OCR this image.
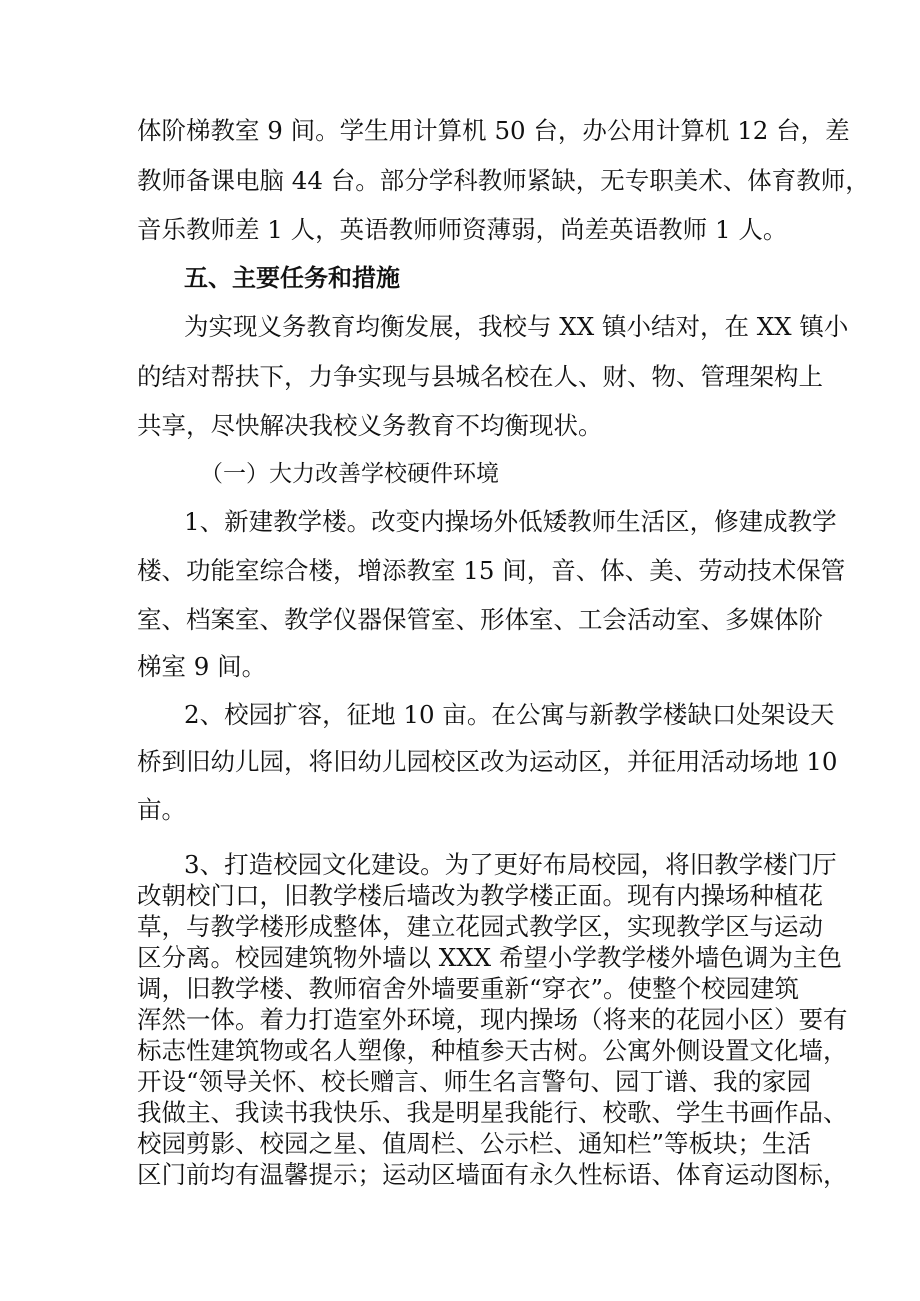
体阶梯教室 9 间。学生用计算机 50 台，办公用计算机 12 台，差
教师备课电脑 44 台。部分学科教师紧缺，无专职美术、体育教师，
音乐教师差 1 人，英语教师师资薄弱，尚差英语教师 1 人。
五、主要任务和措施
为实现义务教育均衡发展，我校与 XX 镇小结对，在 XX 镇小
的结对帮扶下，力争实现与县城名校在人、财、物、管理架构上
共享，尽快解决我校义务教育不均衡现状。
（一）大力改善学校硬件环境
1、新建教学楼。改变内操场外低矮教师生活区，修建成教学
楼、功能室综合楼，增添教室 15 间，音、体、美、劳动技术保管
室、档案室、教学仪器保管室、形体室、工会活动室、多媒体阶
梯室 9 间。
2、校园扩容，征地 10 亩。在公寓与新教学楼缺口处架设天
桥到旧幼儿园，将旧幼儿园校区改为运动区，并征用活动场地 10
亩。
3、打造校园文化建设。为了更好布局校园，将旧教学楼门厅
改朝校门口，旧教学楼后墙改为教学楼正面。现有内操场种植花
草，与教学楼形成整体，建立花园式教学区，实现教学区与运动
区分离。校园建筑物外墙以 XXX 希望小学教学楼外墙色调为主色
调，旧教学楼、教师宿舍外墙要重新“穿衣”。使整个校园建筑
浑然一体。着力打造室外环境，现内操场（将来的花园小区）要有
标志性建筑物或名人塑像，种植参天古树。公寓外侧设置文化墙，
开设“领导关怀、校长赠言、师生名言警句、园丁谱、我的家园
我做主、我读书我快乐、我是明星我能行、校歌、学生书画作品、
校园剪影、校园之星、值周栏、公示栏、通知栏”等板块；生活
区门前均有温馨提示；运动区墙面有永久性标语、体育运动图标，
